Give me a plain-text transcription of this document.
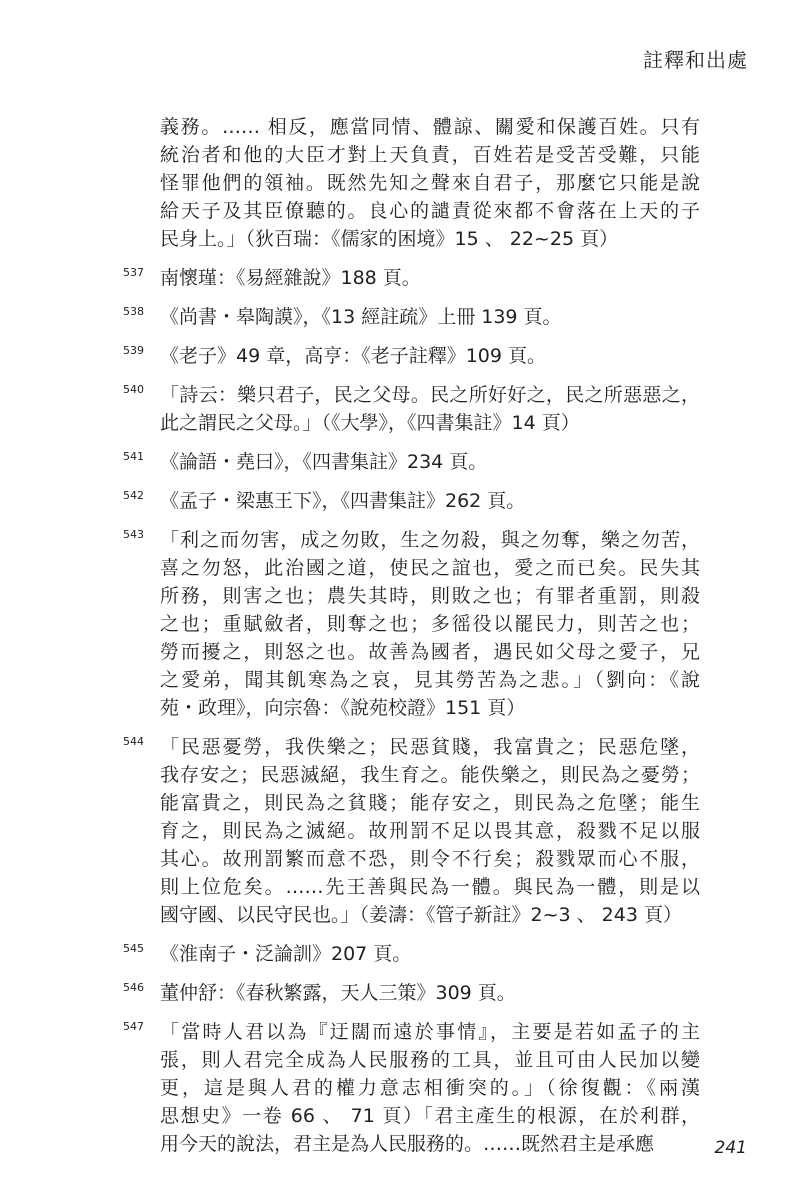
註釋和出處
義務。…… 相反，應當同情、體諒、關愛和保護百姓。只有
統治者和他的大臣才對上天負責，百姓若是受苦受難，只能
怪罪他們的領袖。既然先知之聲來自君子，那麼它只能是說
給天子及其臣僚聽的。良心的譴責從來都不會落在上天的子
民身上。」（狄百瑞：《儒家的困境》15 、 22~25 頁）
537 南懷瑾：《易經雜說》188 頁。
538 《尚書・皋陶謨》，《13 經註疏》上冊 139 頁。
539 《老子》49 章，高亨：《老子註釋》109 頁。
540 「詩云：樂只君子，民之父母。民之所好好之，民之所惡惡之，
此之謂民之父母。」（《大學》，《四書集註》14 頁）
541 《論語・堯曰》，《四書集註》234 頁。
542 《孟子・梁惠王下》，《四書集註》262 頁。
543 「利之而勿害，成之勿敗，生之勿殺，與之勿奪，樂之勿苦，
喜之勿怒，此治國之道，使民之誼也，愛之而已矣。民失其
所務，則害之也；農失其時，則敗之也；有罪者重罰，則殺
之也；重賦斂者，則奪之也；多徭役以罷民力，則苦之也；
勞而擾之，則怒之也。故善為國者，遇民如父母之愛子，兄
之愛弟，聞其飢寒為之哀，見其勞苦為之悲。」（劉向：《說
苑・政理》，向宗魯：《說苑校證》151 頁）
544 「民惡憂勞，我佚樂之；民惡貧賤，我富貴之；民惡危墜，
我存安之；民惡滅絕，我生育之。能佚樂之，則民為之憂勞；
能富貴之，則民為之貧賤；能存安之，則民為之危墜；能生
育之，則民為之滅絕。故刑罰不足以畏其意，殺戮不足以服
其心。故刑罰繁而意不恐，則令不行矣；殺戮眾而心不服，
則上位危矣。……先王善與民為一體。與民為一體，則是以
國守國、以民守民也。」（姜濤：《管子新註》2~3 、 243 頁）
545 《淮南子・泛論訓》207 頁。
546 董仲舒：《春秋繁露，天人三策》309 頁。
547 「當時人君以為『迂闊而遠於事情』，主要是若如孟子的主
張，則人君完全成為人民服務的工具，並且可由人民加以變
更，這是與人君的權力意志相衝突的。」（徐復觀：《兩漢
思想史》一卷 66 、 71 頁）「君主產生的根源，在於利群，
用今天的說法，君主是為人民服務的。……既然君主是承應	241
